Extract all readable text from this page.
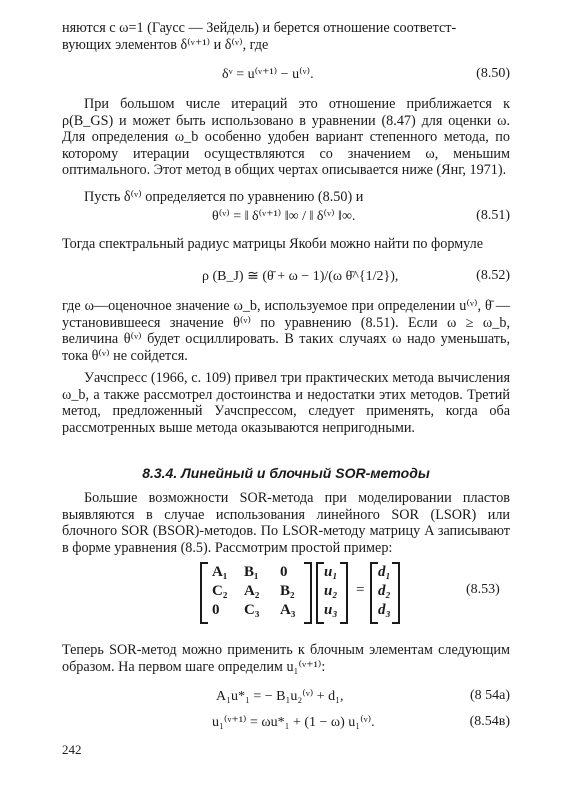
няются с ω=1 (Гаусс — Зейдель) и берется отношение соответст-

вующих элементов δ⁽ᵛ⁺¹⁾ и δ⁽ᵛ⁾, где

δᵛ = u⁽ᵛ⁺¹⁾ − u⁽ᵛ⁾.	(8.50)

При большом числе итераций это отношение приближается к ρ(B_GS) и может быть использовано в уравнении (8.47) для оценки ω. Для определения ω_b особенно удобен вариант степенного метода, по которому итерации осуществляются со значением ω, меньшим оптимального. Этот метод в общих чертах описывается ниже (Янг, 1971).

Пусть δ⁽ᵛ⁾ определяется по уравнению (8.50) и

θ⁽ᵛ⁾ = ‖ δ⁽ᵛ⁺¹⁾ ‖∞ / ‖ δ⁽ᵛ⁾ ‖∞.	(8.51)

Тогда спектральный радиус матрицы Якоби можно найти по формуле

ρ (B_J) ≅ (θ̄ + ω − 1)/(ω θ̄^{1/2}),	(8.52)

где ω—оценочное значение ω_b, используемое при определении u⁽ᵛ⁾, θ̄ — установившееся значение θ⁽ᵛ⁾ по уравнению (8.51). Если ω ≥ ω_b, величина θ⁽ᵛ⁾ будет осциллировать. В таких случаях ω надо уменьшать, тока θ⁽ᵛ⁾ не сойдется.

Уачспресс (1966, с. 109) привел три практических метода вычисления ω_b, а также рассмотрел достоинства и недостатки этих методов. Третий метод, предложенный Уачспрессом, следует применять, когда оба рассмотренных выше метода оказываются непригодными.

8.3.4. Линейный и блочный SOR-методы

Большие возможности SOR-метода при моделировании пластов выявляются в случае использования линейного SOR (LSOR) или блочного SOR (BSOR)-методов. По LSOR-методу матрицу A записывают в форме уравнения (8.5). Рассмотрим простой пример:

A₁ B₁ 0
C₂ A₂ B₂
0 C₃ A₃
u₁
u₂
u₃
=
d₁
d₂
d₃
(8.53)

Теперь SOR-метод можно применить к блочным элементам следующим образом. На первом шаге определим u₁⁽ᵛ⁺¹⁾:

A₁u*₁ = − B₁u₂⁽ᵛ⁾ + d₁,	(8 54a)
u₁⁽ᵛ⁺¹⁾ = ωu*₁ + (1 − ω) u₁⁽ᵛ⁾.	(8.54в)
242
